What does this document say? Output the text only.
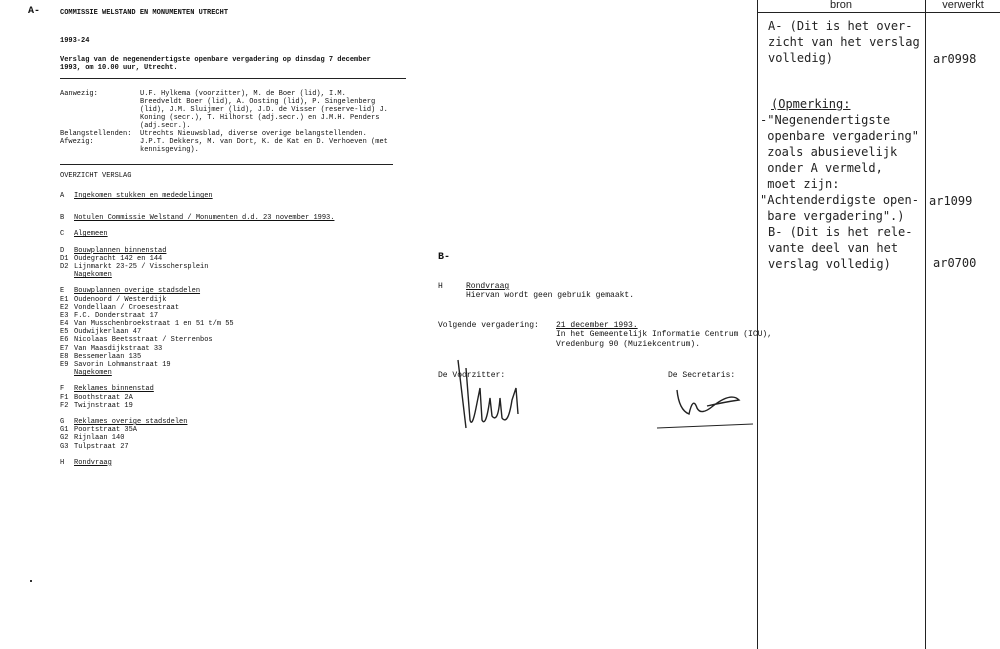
A-	COMMISSIE WELSTAND EN MONUMENTEN UTRECHT
1993-24
Verslag van de negenendertigste openbare vergadering op dinsdag 7 december
1993, om 10.00 uur, Utrecht.
Aanwezig:	U.F. Hylkema (voorzitter), M. de Boer (lid), I.M.
Breedveldt Boer (lid), A. Oosting (lid), P. Singelenberg
(lid), J.M. Sluijmer (lid), J.D. de Visser (reserve-lid) J.
Koning (secr.), T. Hilhorst (adj.secr.) en J.M.H. Penders
(adj.secr.).
Belangstellenden: Utrechts Nieuwsblad, diverse overige belangstellenden.
Afwezig:	J.P.T. Dekkers, M. van Dort, K. de Kat en D. Verhoeven (met
kennisgeving).
OVERZICHT VERSLAG
A Ingekomen stukken en mededelingen
B Notulen Commissie Welstand / Monumenten d.d. 23 november 1993.
C Algemeen
D Bouwplannen binnenstad
D1 Oudegracht 142 en 144
D2 Lijnmarkt 23-25 / Visschersplein
Nagekomen
E Bouwplannen overige stadsdelen
E1 Oudenoord / Westerdijk
E2 Vondellaan / Croesestraat
E3 F.C. Donderstraat 17
E4 Van Musschenbroekstraat 1 en 51 t/m 55
E5 Oudwijkerlaan 47
E6 Nicolaas Beetsstraat / Sterrenbos
E7 Van Maasdijkstraat 33
E8 Bessemerlaan 135
E9 Savorin Lohmanstraat 19
Nagekomen
F Reklames binnenstad
F1 Boothstraat 2A
F2 Twijnstraat 19
G Reklames overige stadsdelen
G1 Poortstraat 35A
G2 Rijnlaan 140
G3 Tulpstraat 27
H Rondvraag
B-
H	Rondvraag
Hiervan wordt geen gebruik gemaakt.
Volgende vergadering: 21 december 1993.
In het Gemeentelijk Informatie Centrum (ICU),
Vredenburg 90 (Muziekcentrum).
De Voorzitter:	De Secretaris:
bron	verwerkt
A- (Dit is het over-
zicht van het verslag
volledig)	ar0998
(Opmerking:
-"Negenendertigste
openbare vergadering"
zoals abusievelijk
onder A vermeld,
moet zijn:
"Achtenderdigste open-
bare vergadering".)
ar1099
B- (Dit is het rele-
vante deel van het
verslag volledig)	ar0700
